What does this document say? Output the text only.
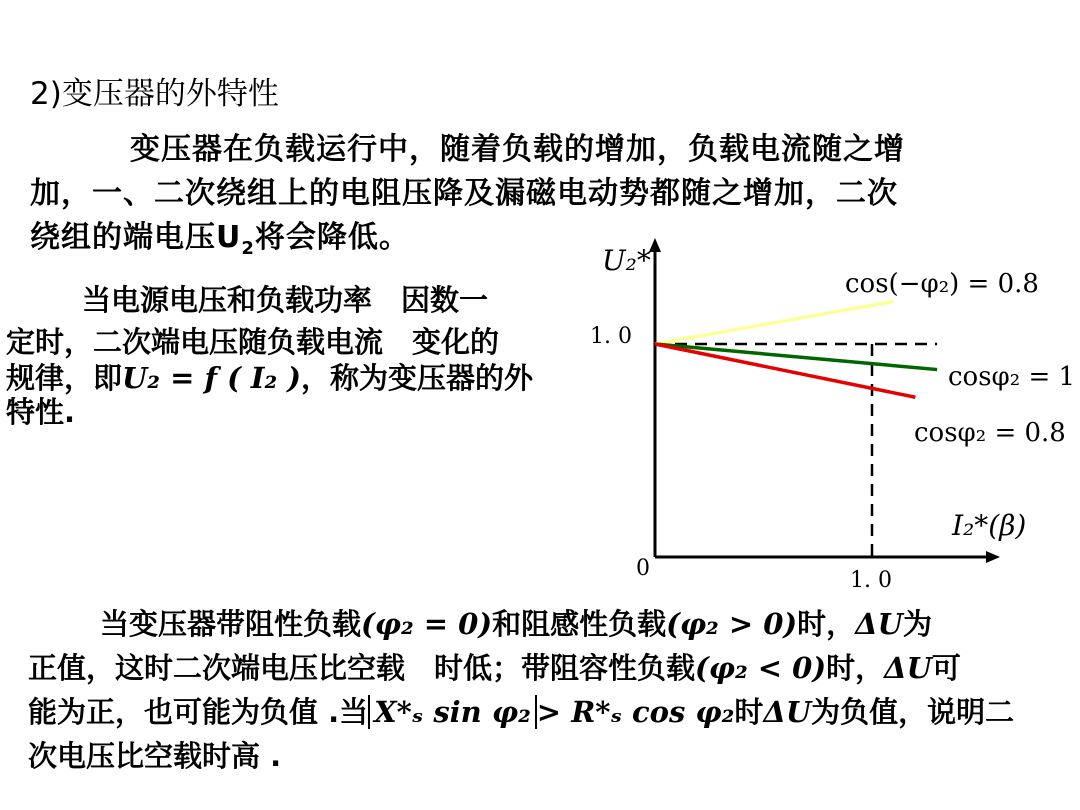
2)变压器的外特性
变压器在负载运行中，随着负载的增加，负载电流随之增
加，一、二次绕组上的电阻压降及漏磁电动势都随之增加，二次
绕组的端电压$U_2$将会降低。
当电源电压和负载功率　因数一
定时，二次端电压随负载电流　变化的
规律，即U₂ = f ( I₂ )，称为变压器的外
特性.
cos(−φ₂) = 0.8
cosφ₂ = 1
cosφ₂ = 0.8
U₂*
I₂*(β)
1. 0
1. 0
0
当变压器带阻性负载(φ₂ = 0)和阻感性负载(φ₂ > 0)时，ΔU为
正值，这时二次端电压比空载　时低；带阻容性负载(φ₂ < 0)时，ΔU可
能为正，也可能为负值 .当 X*ₛ sin φ₂ > R*ₛ cos φ₂时ΔU为负值，说明二
次电压比空载时高 .
